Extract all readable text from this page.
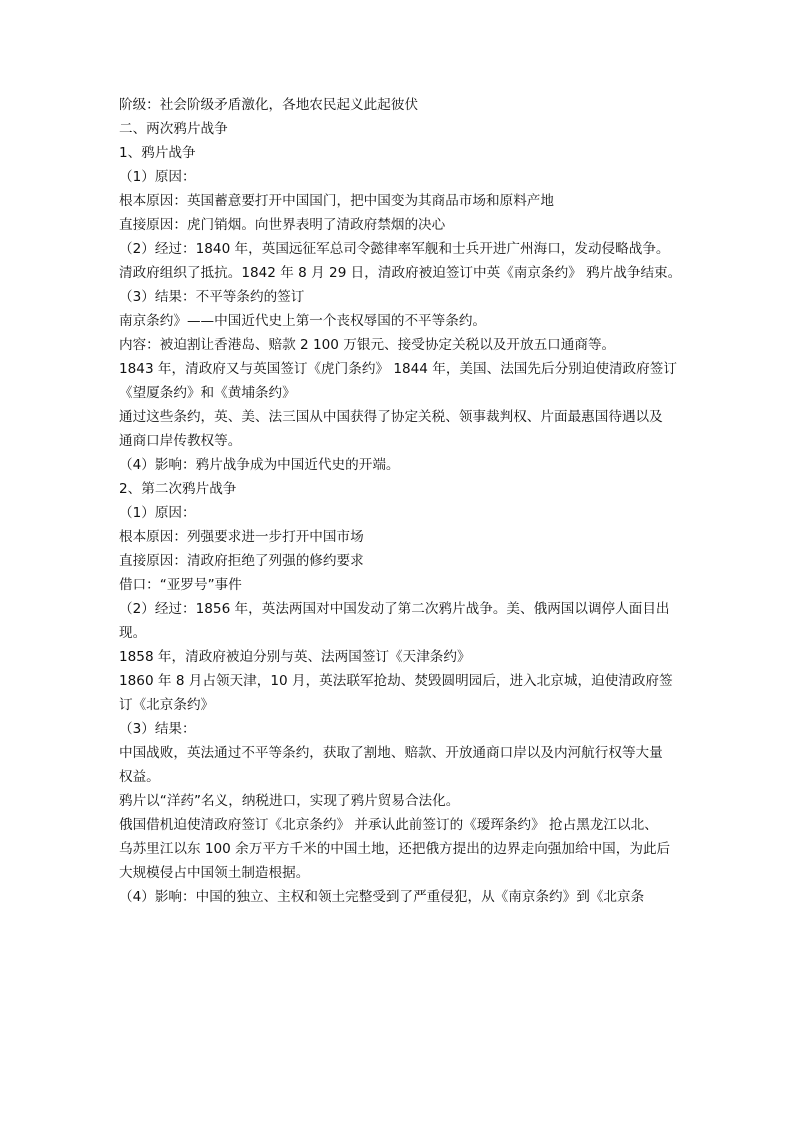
阶级：社会阶级矛盾激化，各地农民起义此起彼伏
二、两次鸦片战争
1、鸦片战争
（1）原因：
根本原因：英国蓄意要打开中国国门，把中国变为其商品市场和原料产地
直接原因：虎门销烟。向世界表明了清政府禁烟的决心
（2）经过：1840 年，英国远征军总司令懿律率军舰和士兵开进广州海口，发动侵略战争。
清政府组织了抵抗。1842 年 8 月 29 日，清政府被迫签订中英《南京条约》 鸦片战争结束。
（3）结果：不平等条约的签订
南京条约》——中国近代史上第一个丧权辱国的不平等条约。
内容：被迫割让香港岛、赔款 2 100 万银元、接受协定关税以及开放五口通商等。
1843 年，清政府又与英国签订《虎门条约》 1844 年，美国、法国先后分别迫使清政府签订
《望厦条约》和《黄埔条约》
通过这些条约，英、美、法三国从中国获得了协定关税、领事裁判权、片面最惠国待遇以及
通商口岸传教权等。
（4）影响：鸦片战争成为中国近代史的开端。
2、第二次鸦片战争
（1）原因：
根本原因：列强要求进一步打开中国市场
直接原因：清政府拒绝了列强的修约要求
借口：“亚罗号”事件
（2）经过：1856 年，英法两国对中国发动了第二次鸦片战争。美、俄两国以调停人面目出
现。
1858 年，清政府被迫分别与英、法两国签订《天津条约》
1860 年 8 月占领天津，10 月，英法联军抢劫、焚毁圆明园后，进入北京城，迫使清政府签
订《北京条约》
（3）结果：
中国战败，英法通过不平等条约，获取了割地、赔款、开放通商口岸以及内河航行权等大量
权益。
鸦片以“洋药”名义，纳税进口，实现了鸦片贸易合法化。
俄国借机迫使清政府签订《北京条约》 并承认此前签订的《瑷珲条约》 抢占黑龙江以北、
乌苏里江以东 100 余万平方千米的中国土地，还把俄方提出的边界走向强加给中国，为此后
大规模侵占中国领土制造根据。
（4）影响：中国的独立、主权和领土完整受到了严重侵犯，从《南京条约》到《北京条
